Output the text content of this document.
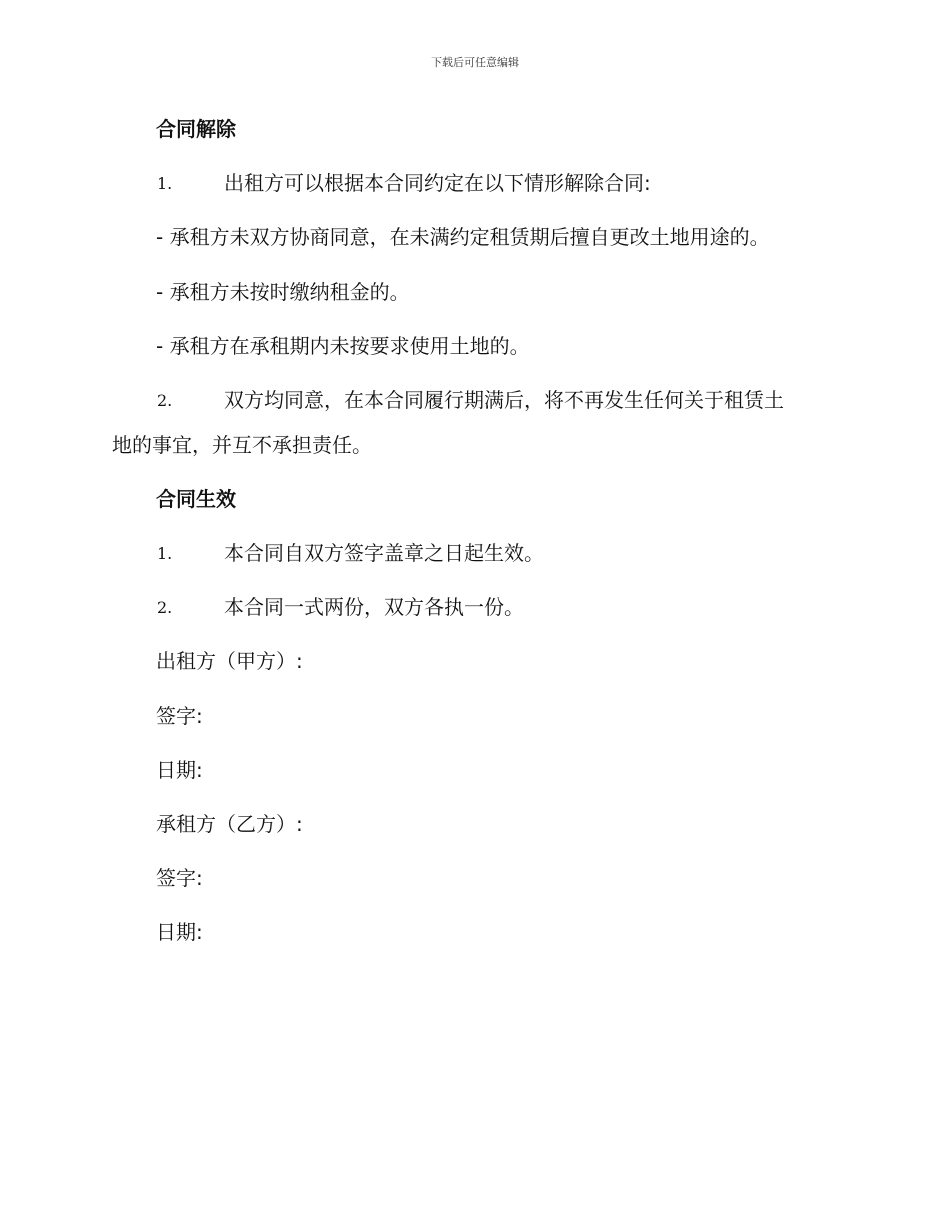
下载后可任意编辑
合同解除
1.	出租方可以根据本合同约定在以下情形解除合同:
- 承租方未双方协商同意，在未满约定租赁期后擅自更改土地用途的。
- 承租方未按时缴纳租金的。
- 承租方在承租期内未按要求使用土地的。
2.	双方均同意，在本合同履行期满后，将不再发生任何关于租赁土
地的事宜，并互不承担责任。
合同生效
1.	本合同自双方签字盖章之日起生效。
2.	本合同一式两份，双方各执一份。
出租方（甲方）:
签字:
日期:
承租方（乙方）:
签字:
日期:
